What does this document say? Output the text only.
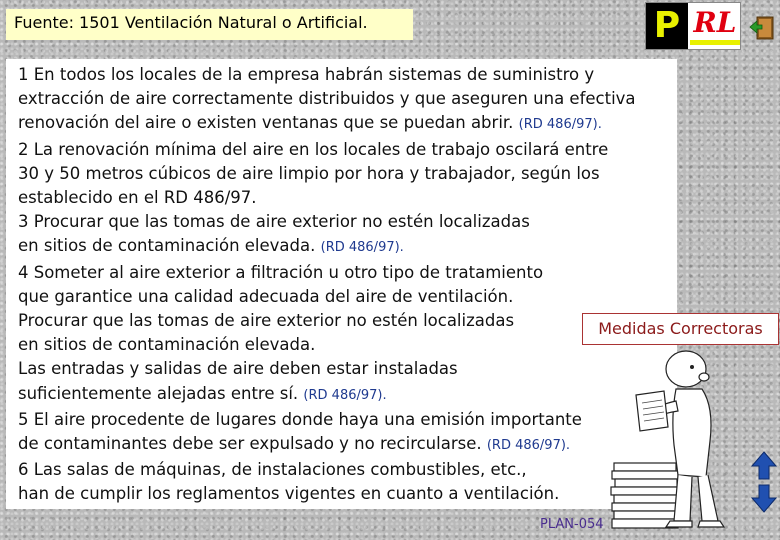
Fuente: 1501 Ventilación Natural o Artificial.	P RL

1 En todos los locales de la empresa habrán sistemas de suministro y

extracción de aire correctamente distribuidos y que aseguren una efectiva

renovación del aire o existen ventanas que se puedan abrir. (RD 486/97).

2 La renovación mínima del aire en los locales de trabajo oscilará entre

30 y 50 metros cúbicos de aire limpio por hora y trabajador, según los

establecido en el RD 486/97.

3 Procurar que las tomas de aire exterior no estén localizadas

en sitios de contaminación elevada. (RD 486/97).

4 Someter al aire exterior a filtración u otro tipo de tratamiento

que garantice una calidad adecuada del aire de ventilación.

Procurar que las tomas de aire exterior no estén localizadas

en sitios de contaminación elevada.

Las entradas y salidas de aire deben estar instaladas

suficientemente alejadas entre sí. (RD 486/97).

5 El aire procedente de lugares donde haya una emisión importante

de contaminantes debe ser expulsado y no recircularse. (RD 486/97).

6 Las salas de máquinas, de instalaciones combustibles, etc.,

han de cumplir los reglamentos vigentes en cuanto a ventilación.

Medidas Correctoras
PLAN-054
